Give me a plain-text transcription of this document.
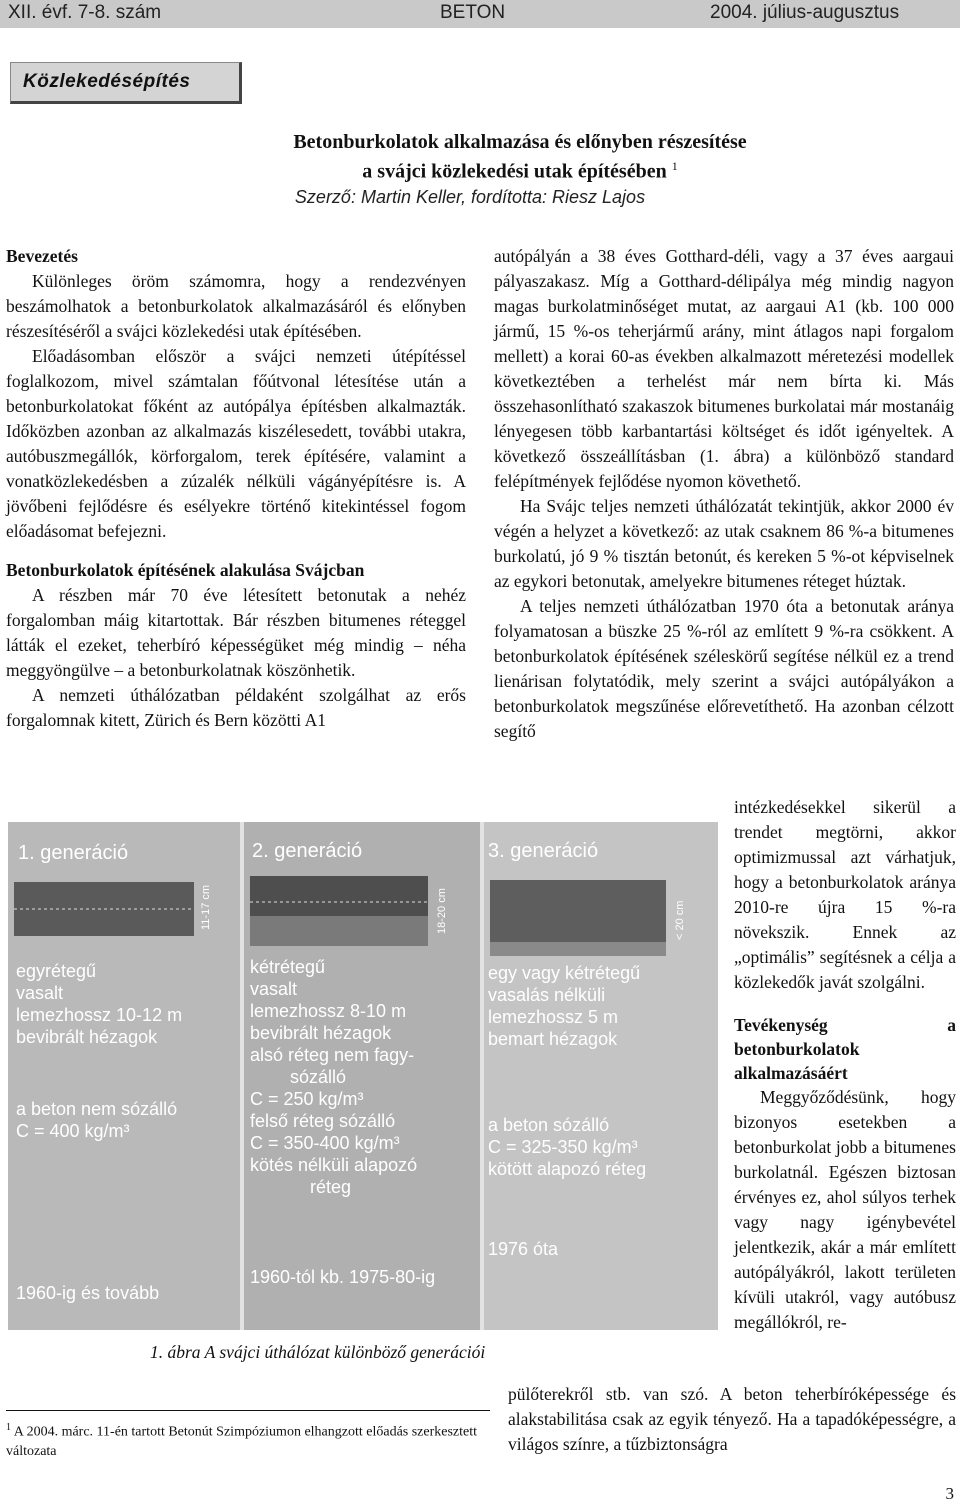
XII. évf. 7-8. szám	BETON	2004. július-augusztus
Közlekedésépítés
Betonburkolatok alkalmazása és előnyben részesítése
a svájci közlekedési utak építésében $^1$
Szerző: Martin Keller, fordította: Riesz Lajos
Bevezetés

Különleges öröm számomra, hogy a rendezvényen beszámolhatok a betonburkolatok alkalmazásáról és előnyben részesítéséről a svájci közlekedési utak építésében.

Előadásomban először a svájci nemzeti útépítéssel foglalkozom, mivel számtalan főútvonal létesítése után a betonburkolatokat főként az autópálya építésben alkalmazták. Időközben azonban az alkalmazás kiszélesedett, további utakra, autóbuszmegállók, körforgalom, terek építésére, valamint a vonatközlekedésben a zúzalék nélküli vágányépítésre is. A jövőbeni fejlődésre és esélyekre történő kitekintéssel fogom előadásomat befejezni.

Betonburkolatok építésének alakulása Svájcban

A részben már 70 éve létesített betonutak a nehéz forgalomban máig kitartottak. Bár részben bitumenes réteggel látták el ezeket, teherbíró képességüket még mindig – néha meggyöngülve – a betonburkolatnak köszönhetik.

A nemzeti úthálózatban példaként szolgálhat az erős forgalomnak kitett, Zürich és Bern közötti A1

autópályán a 38 éves Gotthard-déli, vagy a 37 éves aargaui pályaszakasz. Míg a Gotthard-délipálya még mindig nagyon magas burkolatminőséget mutat, az aargaui A1 (kb. 100 000 jármű, 15 %-os teherjármű arány, mint átlagos napi forgalom mellett) a korai 60-as években alkalmazott méretezési modellek következtében a terhelést már nem bírta ki. Más összehasonlítható szakaszok bitumenes burkolatai már mostanáig lényegesen több karbantartási költséget és időt igényeltek. A következő összeállításban (1. ábra) a különböző standard felépítmények fejlődése nyomon követhető.

Ha Svájc teljes nemzeti úthálózatát tekintjük, akkor 2000 év végén a helyzet a következő: az utak csaknem 86 %-a bitumenes burkolatú, jó 9 % tisztán betonút, és kereken 5 %-ot képviselnek az egykori betonutak, amelyekre bitumenes réteget húztak.

A teljes nemzeti úthálózatban 1970 óta a betonutak aránya folyamatosan a büszke 25 %-ról az említett 9 %-ra csökkent. A betonburkolatok építésének széleskörű segítése nélkül ez a trend lienárisan folytatódik, mely szerint a svájci autópályákon a betonburkolatok megszűnése előrevetíthető. Ha azonban célzott segítő

intézkedésekkel sikerül a trendet megtörni, akkor optimizmussal azt várhatjuk, hogy a betonburkolatok aránya 2010-re újra 15 %-ra növekszik. Ennek az „optimális” segítésnek a célja a közlekedők javát szolgálni.

Tevékenység a betonburkolatok alkalmazásáért

Meggyőződésünk, hogy bizonyos esetekben a betonburkolat jobb a bitumenes burkolatnál. Egészen biztosan érvényes ez, ahol súlyos terhek vagy nagy igénybevétel jelentkezik, akár a már említett autópályákról, lakott területen kívüli utakról, vagy autóbusz megállókról, re-

pülőterekről stb. van szó. A beton teherbíróképessége és alakstabilitása csak az egyik tényező. Ha a tapadóképességre, a világos színre, a tűzbiztonságra

1. generáció
11-17 cm
egyrétegű
vasalt
lemezhossz 10-12 m
bevibrált hézagok
a beton nem sózálló
C = 400 kg/m³
1960-ig és tovább
2. generáció
18-20 cm
kétrétegű
vasalt
lemezhossz 8-10 m
bevibrált hézagok
alsó réteg nem fagy-
sózálló
C = 250 kg/m³
felső réteg sózálló
C = 350-400 kg/m³
kötés nélküli alapozó
réteg
1960-tól kb. 1975-80-ig
3. generáció
< 20 cm
egy vagy kétrétegű
vasalás nélküli
lemezhossz 5 m
bemart hézagok
a beton sózálló
C = 325-350 kg/m³
kötött alapozó réteg
1976 óta
1. ábra A svájci úthálózat különböző generációi
$^1$ A 2004. márc. 11-én tartott Betonút Szimpóziumon elhangzott előadás szerkesztett változata
3
